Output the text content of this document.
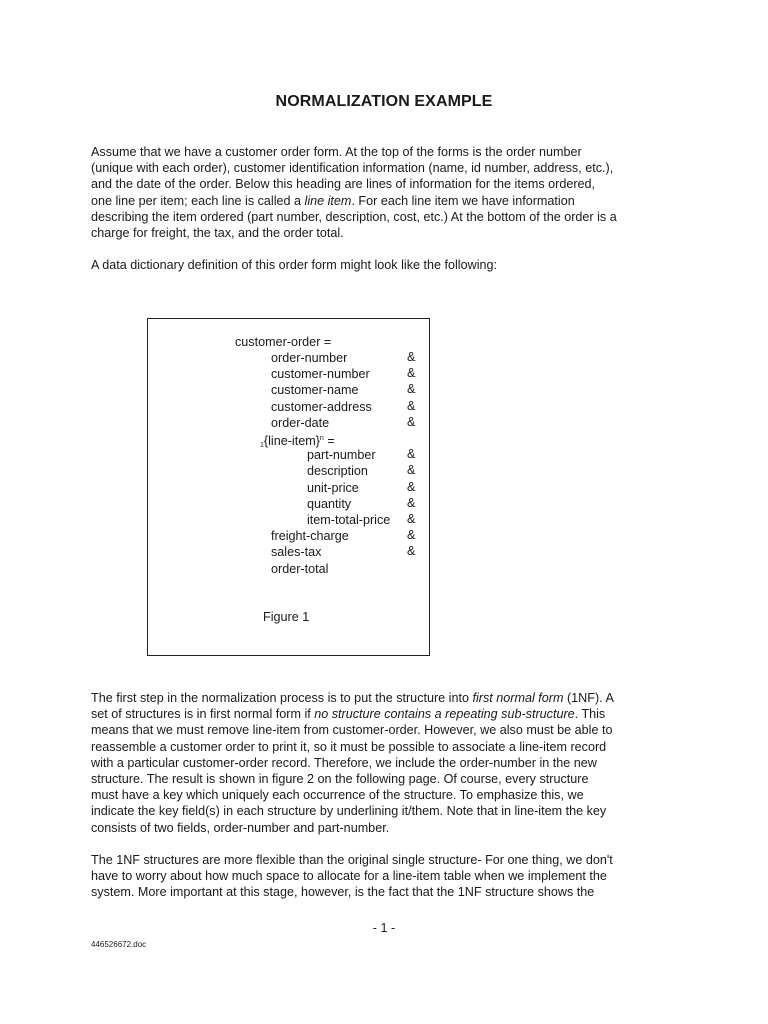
NORMALIZATION EXAMPLE

Assume that we have a customer order form. At the top of the forms is the order number
(unique with each order), customer identification information (name, id number, address, etc.),
and the date of the order. Below this heading are lines of information for the items ordered,
one line per item; each line is called a line item. For each line item we have information
describing the item ordered (part number, description, cost, etc.) At the bottom of the order is a
charge for freight, the tax, and the order total.

A data dictionary definition of this order form might look like the following:

customer-order =
order-number
customer-number
customer-name
customer-address
order-date
$_1${line-item}$^n$ =
part-number
description
unit-price
quantity
item-total-price
freight-charge
sales-tax
order-total
&
&
&
&
&
&
&
&
&
&
&
&
Figure 1

The first step in the normalization process is to put the structure into first normal form (1NF). A
set of structures is in first normal form if no structure contains a repeating sub-structure. This
means that we must remove line-item from customer-order. However, we also must be able to
reassemble a customer order to print it, so it must be possible to associate a line-item record
with a particular customer-order record. Therefore, we include the order-number in the new
structure. The result is shown in figure 2 on the following page. Of course, every structure
must have a key which uniquely each occurrence of the structure. To emphasize this, we
indicate the key field(s) in each structure by underlining it/them. Note that in line-item the key
consists of two fields, order-number and part-number.

The 1NF structures are more flexible than the original single structure- For one thing, we don't
have to worry about how much space to allocate for a line-item table when we implement the
system. More important at this stage, however, is the fact that the 1NF structure shows the

- 1 -
446526672.doc
